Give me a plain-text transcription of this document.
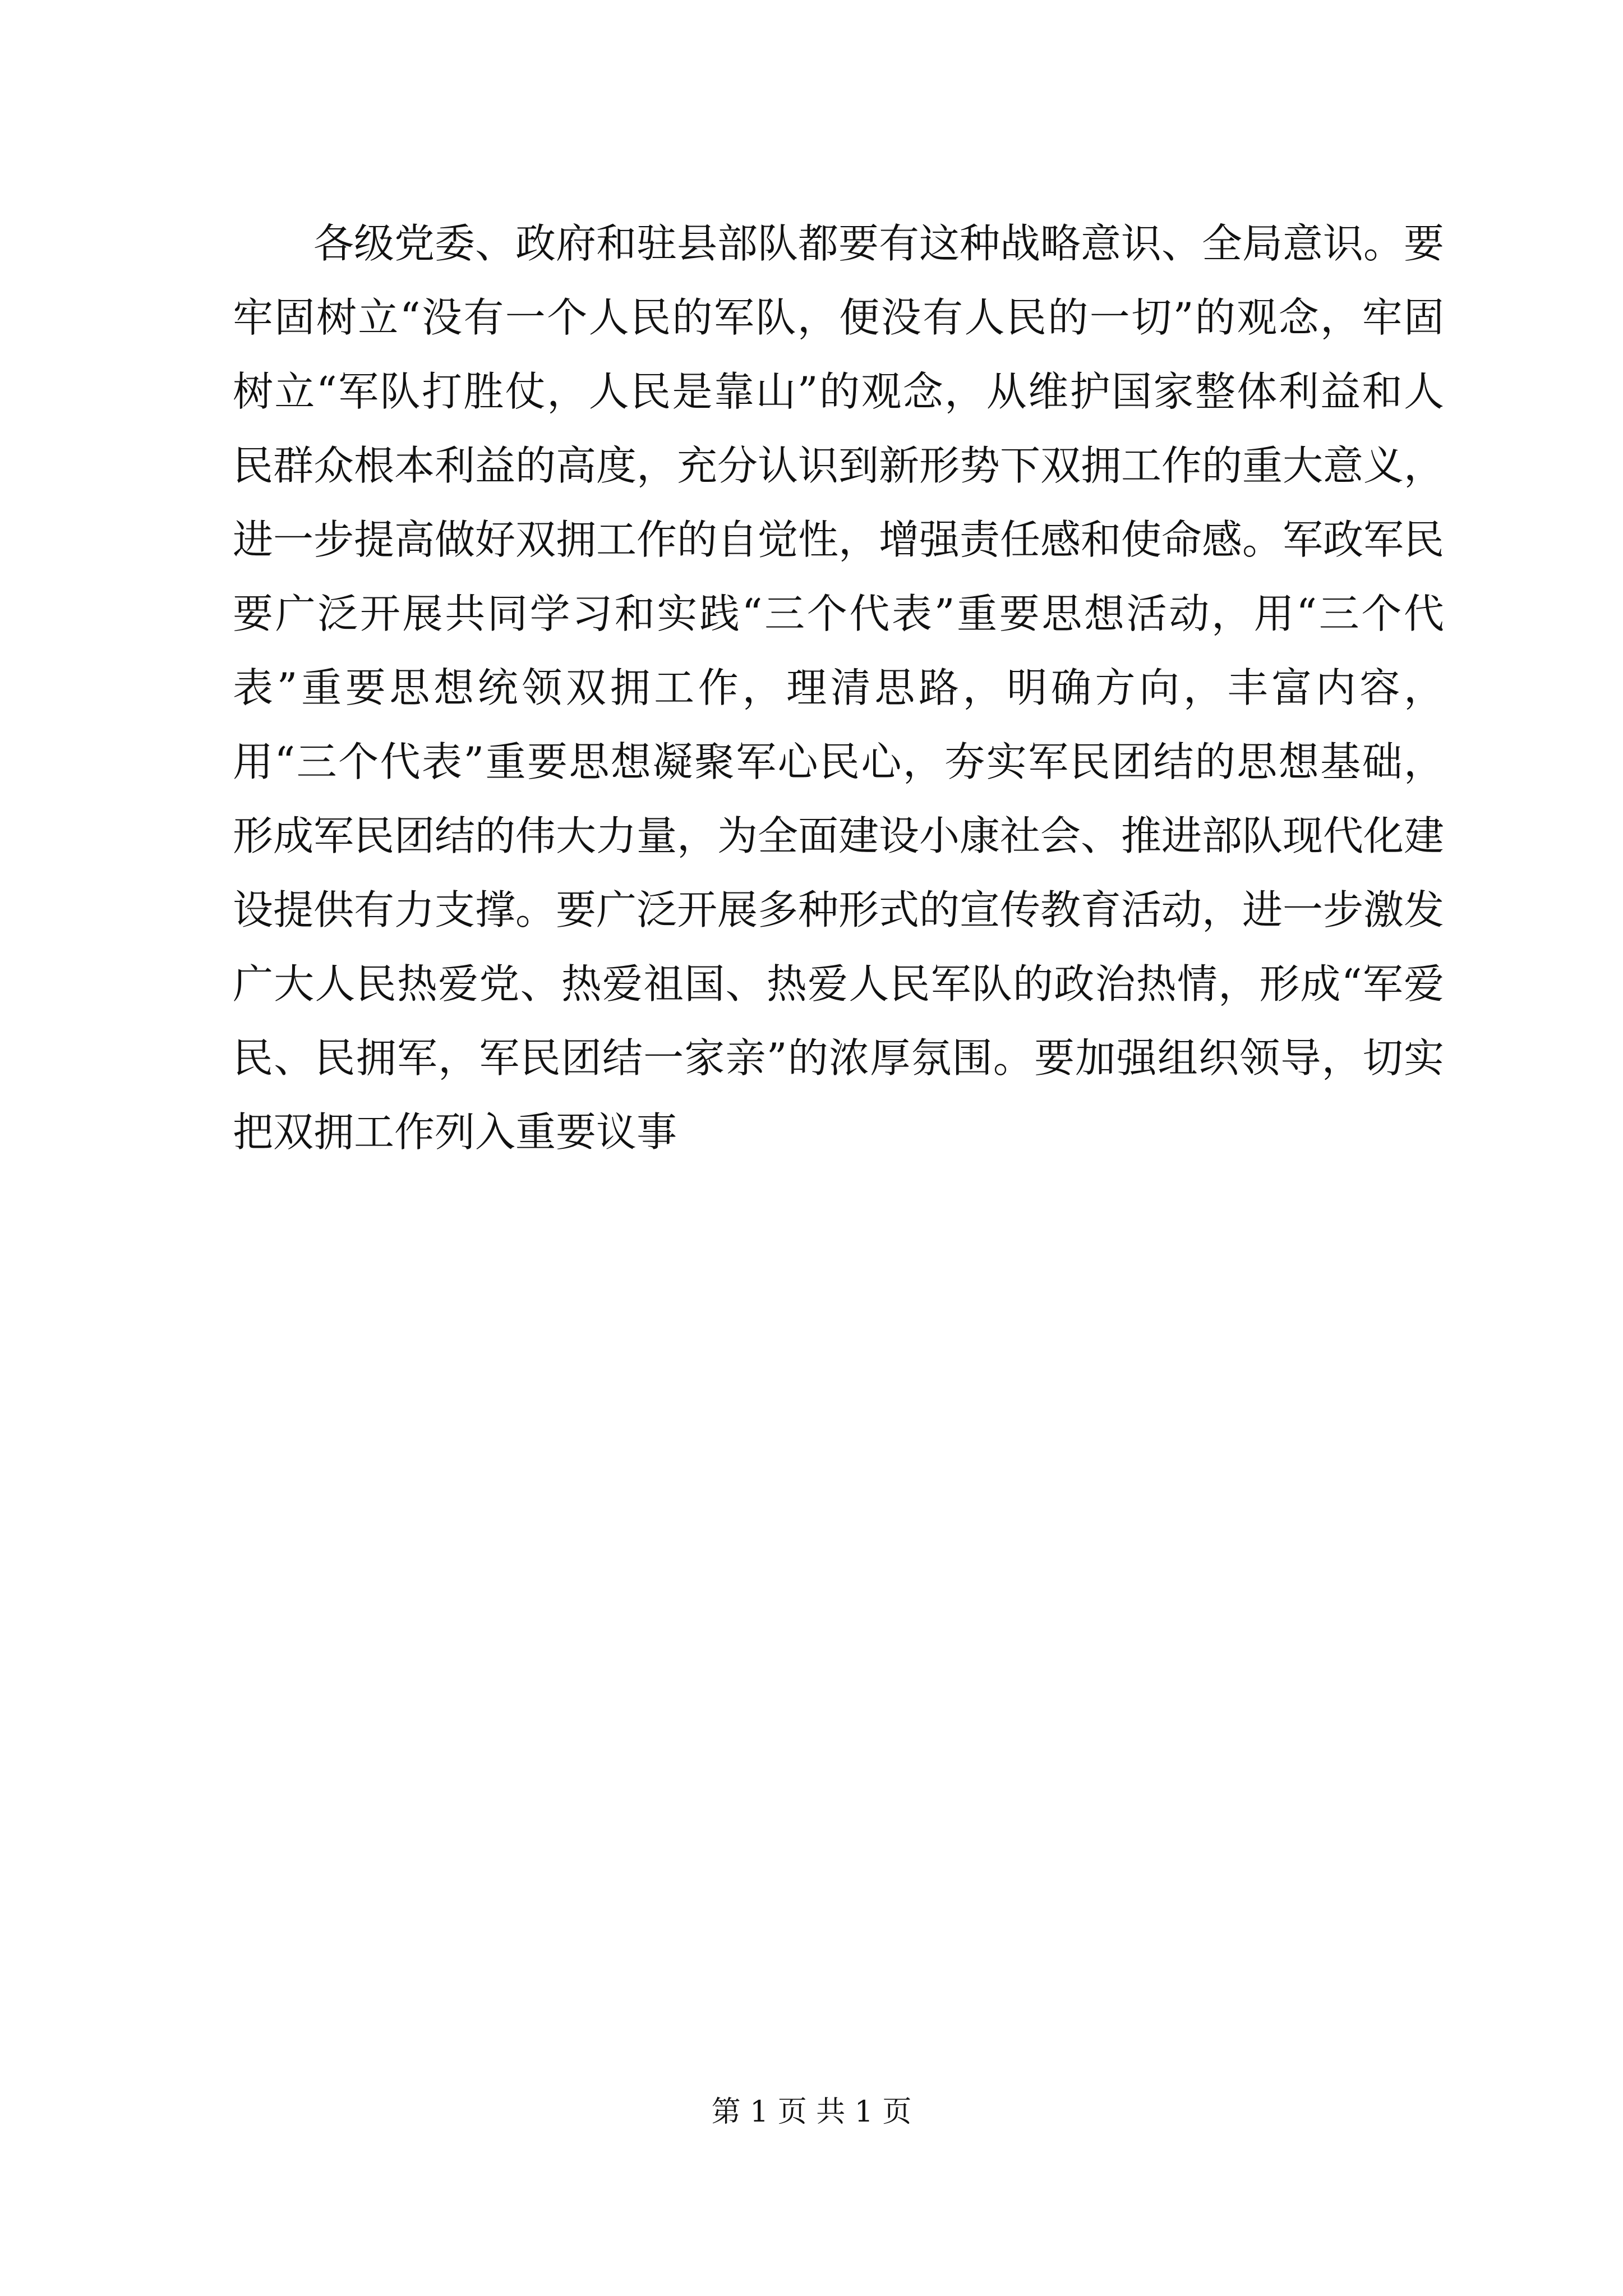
各级党委、政府和驻县部队都要有这种战略意识、全局意识。要牢固树立“没有一个人民的军队，便没有人民的一切”的观念，牢固树立“军队打胜仗，人民是靠山”的观念，从维护国家整体利益和人民群众根本利益的高度，充分认识到新形势下双拥工作的重大意义，进一步提高做好双拥工作的自觉性，增强责任感和使命感。军政军民要广泛开展共同学习和实践“三个代表”重要思想活动，用“三个代表”重要思想统领双拥工作，理清思路，明确方向，丰富内容，用“三个代表”重要思想凝聚军心民心，夯实军民团结的思想基础，形成军民团结的伟大力量，为全面建设小康社会、推进部队现代化建设提供有力支撑。要广泛开展多种形式的宣传教育活动，进一步激发广大人民热爱党、热爱祖国、热爱人民军队的政治热情，形成“军爱民、民拥军，军民团结一家亲”的浓厚氛围。要加强组织领导，切实把双拥工作列入重要议事

第 1 页 共 1 页
